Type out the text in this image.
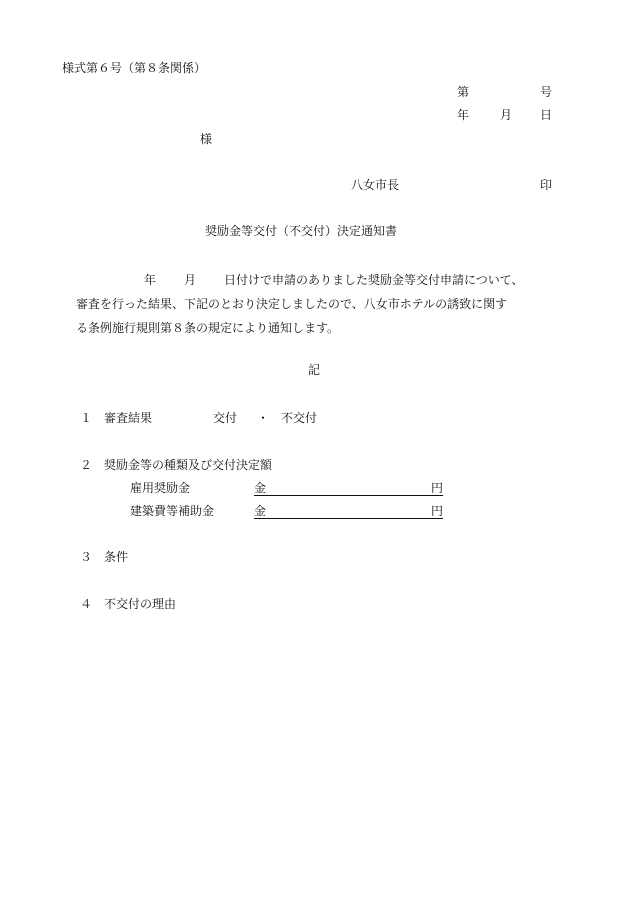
様式第６号（第８条関係）
第	号
年	月 日
様
八女市長	印
奨励金等交付（不交付）決定通知書
年 月 日付けで申請のありました奨励金等交付申請について、
審査を行った結果、下記のとおり決定しましたので、八女市ホテルの誘致に関す
る条例施行規則第８条の規定により通知します。
記
１ 審査結果	交付 ・ 不交付
２ 奨励金等の種類及び交付決定額
雇用奨励金	金	円
建築費等補助金	金	円
３ 条件
４ 不交付の理由
